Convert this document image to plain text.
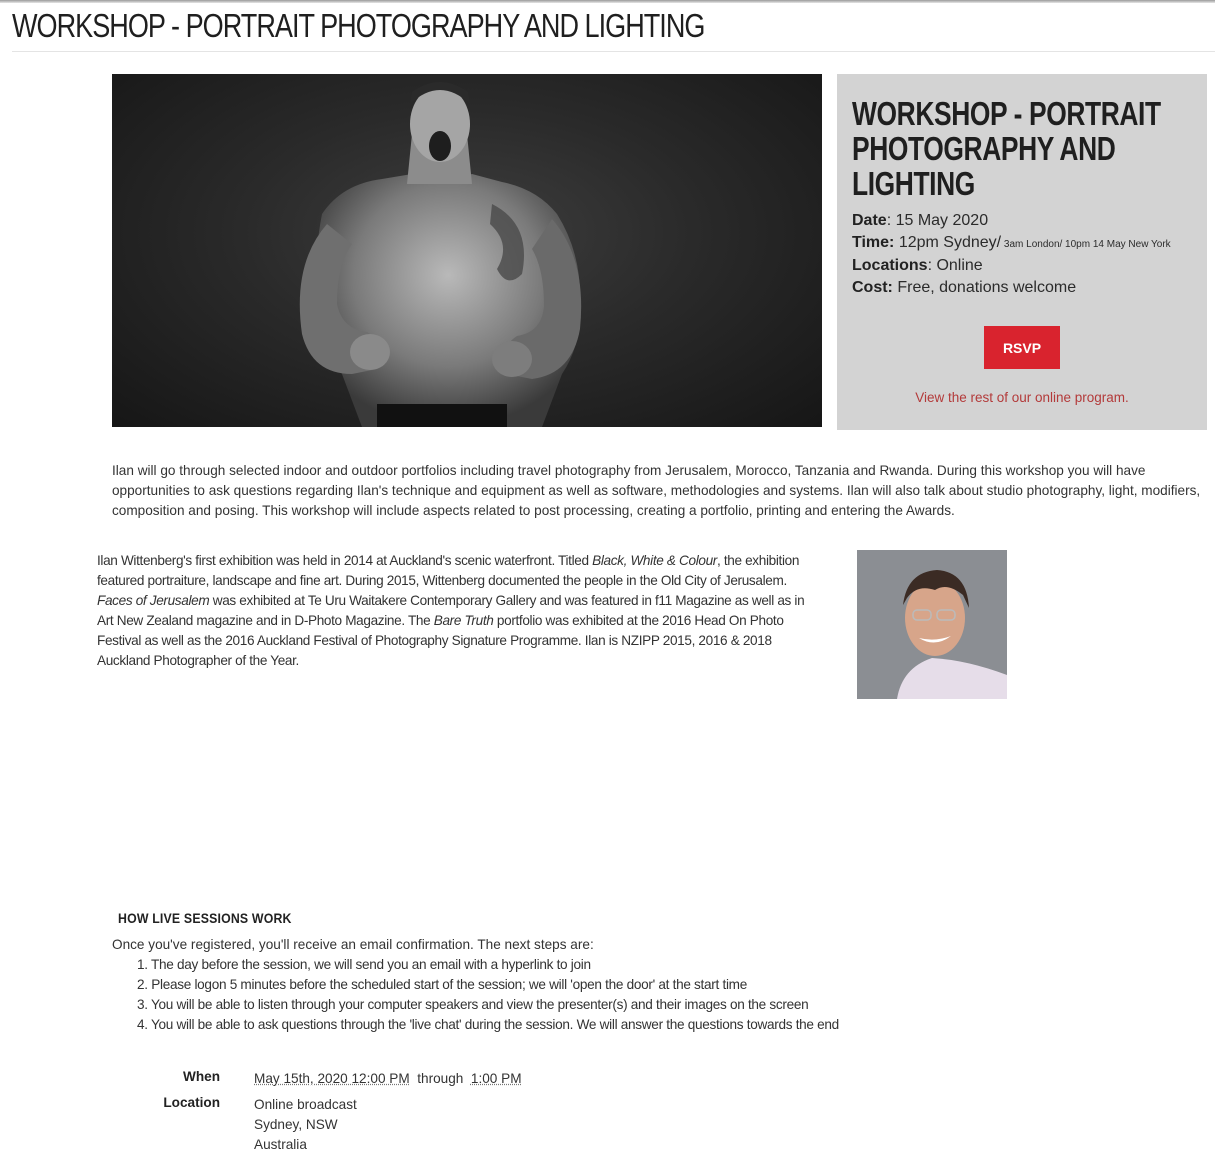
WORKSHOP - PORTRAIT PHOTOGRAPHY AND LIGHTING
WORKSHOP - PORTRAIT PHOTOGRAPHY AND LIGHTING
Date: 15 May 2020
Time: 12pm Sydney/ 3am London/ 10pm 14 May New York
Locations: Online
Cost: Free, donations welcome
RSVP
View the rest of our online program.

Ilan will go through selected indoor and outdoor portfolios including travel photography from Jerusalem, Morocco, Tanzania and Rwanda. During this workshop you will have opportunities to ask questions regarding Ilan's technique and equipment as well as software, methodologies and systems. Ilan will also talk about studio photography, light, modifiers, composition and posing. This workshop will include aspects related to post processing, creating a portfolio, printing and entering the Awards.

Ilan Wittenberg's first exhibition was held in 2014 at Auckland's scenic waterfront. Titled Black, White & Colour, the exhibition featured portraiture, landscape and fine art. During 2015, Wittenberg documented the people in the Old City of Jerusalem. Faces of Jerusalem was exhibited at Te Uru Waitakere Contemporary Gallery and was featured in f11 Magazine as well as in Art New Zealand magazine and in D-Photo Magazine. The Bare Truth portfolio was exhibited at the 2016 Head On Photo Festival as well as the 2016 Auckland Festival of Photography Signature Programme. Ilan is NZIPP 2015, 2016 & 2018 Auckland Photographer of the Year.

HOW LIVE SESSIONS WORK

Once you've registered, you'll receive an email confirmation. The next steps are:

1. The day before the session, we will send you an email with a hyperlink to join
2. Please logon 5 minutes before the scheduled start of the session; we will 'open the door' at the start time
3. You will be able to listen through your computer speakers and view the presenter(s) and their images on the screen
4. You will be able to ask questions through the 'live chat' during the session. We will answer the questions towards the end
When	May 15th, 2020 12:00 PM through 1:00 PM
Location	Online broadcast
Sydney, NSW
Australia
